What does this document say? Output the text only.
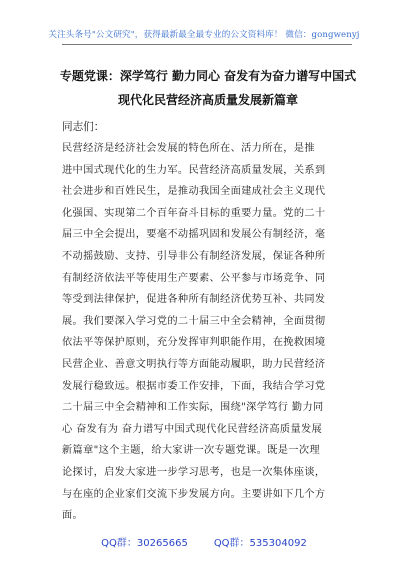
关注头条号"公文研究"，获得最新最全最专业的公文资料库！ 微信：gongwenyj
专题党课：深学笃行 勤力同心 奋发有为奋力谱写中国式
现代化民营经济高质量发展新篇章
同志们：
民营经济是经济社会发展的特色所在、活力所在，是推
进中国式现代化的生力军。民营经济高质量发展，关系到
社会进步和百姓民生，是推动我国全面建成社会主义现代
化强国、实现第二个百年奋斗目标的重要力量。党的二十
届三中全会提出，要毫不动摇巩固和发展公有制经济，毫
不动摇鼓励、支持、引导非公有制经济发展，保证各种所
有制经济依法平等使用生产要素、公平参与市场竞争、同
等受到法律保护，促进各种所有制经济优势互补、共同发
展。我们要深入学习党的二十届三中全会精神，全面贯彻
依法平等保护原则，充分发挥审判职能作用，在挽救困境
民营企业、善意文明执行等方面能动履职，助力民营经济
发展行稳致远。根据市委工作安排，下面，我结合学习党
二十届三中全会精神和工作实际，围绕"深学笃行 勤力同
心 奋发有为 奋力谱写中国式现代化民营经济高质量发展
新篇章"这个主题，给大家讲一次专题党课。既是一次理
论探讨，启发大家进一步学习思考，也是一次集体座谈，
与在座的企业家们交流下步发展方向。主要讲如下几个方
面。
QQ群：30265665	QQ群：535304092
